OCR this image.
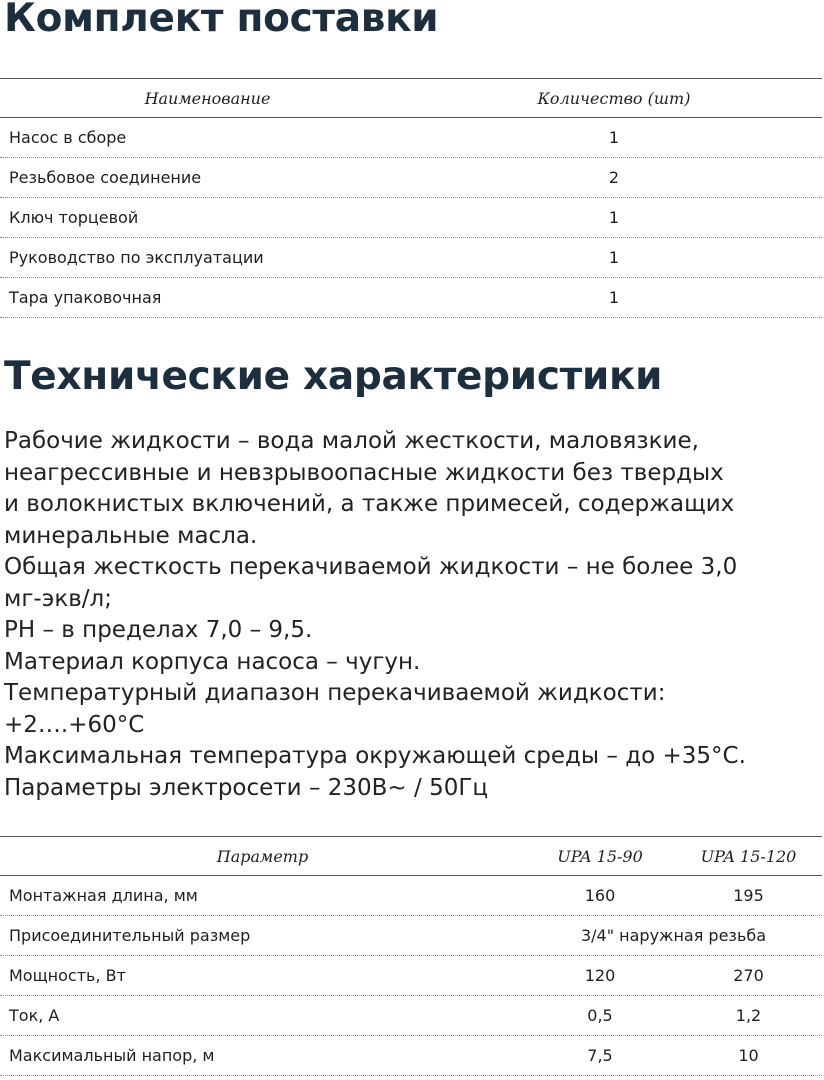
Комплект поставки
Наименование	Количество (шт)
Насос в сборе	1
Резьбовое соединение	2
Ключ торцевой	1
Руководство по эксплуатации	1
Тара упаковочная	1
Технические характеристики

Рабочие жидкости – вода малой жесткости, маловязкие,

неагрессивные и невзрывоопасные жидкости без твердых

и волокнистых включений, а также примесей, содержащих

минеральные масла.

Общая жесткость перекачиваемой жидкости – не более 3,0

мг-экв/л;

PH – в пределах 7,0 – 9,5.

Материал корпуса насоса – чугун.

Температурный диапазон перекачиваемой жидкости:

+2….+60°C

Максимальная температура окружающей среды – до +35°C.

Параметры электросети – 230В~ / 50Гц

Параметр	UPA 15-90	UPA 15-120
Монтажная длина, мм	160	195
Присоединительный размер	3/4" наружная резьба
Мощность, Вт	120	270
Ток, А	0,5	1,2
Максимальный напор, м	7,5	10
